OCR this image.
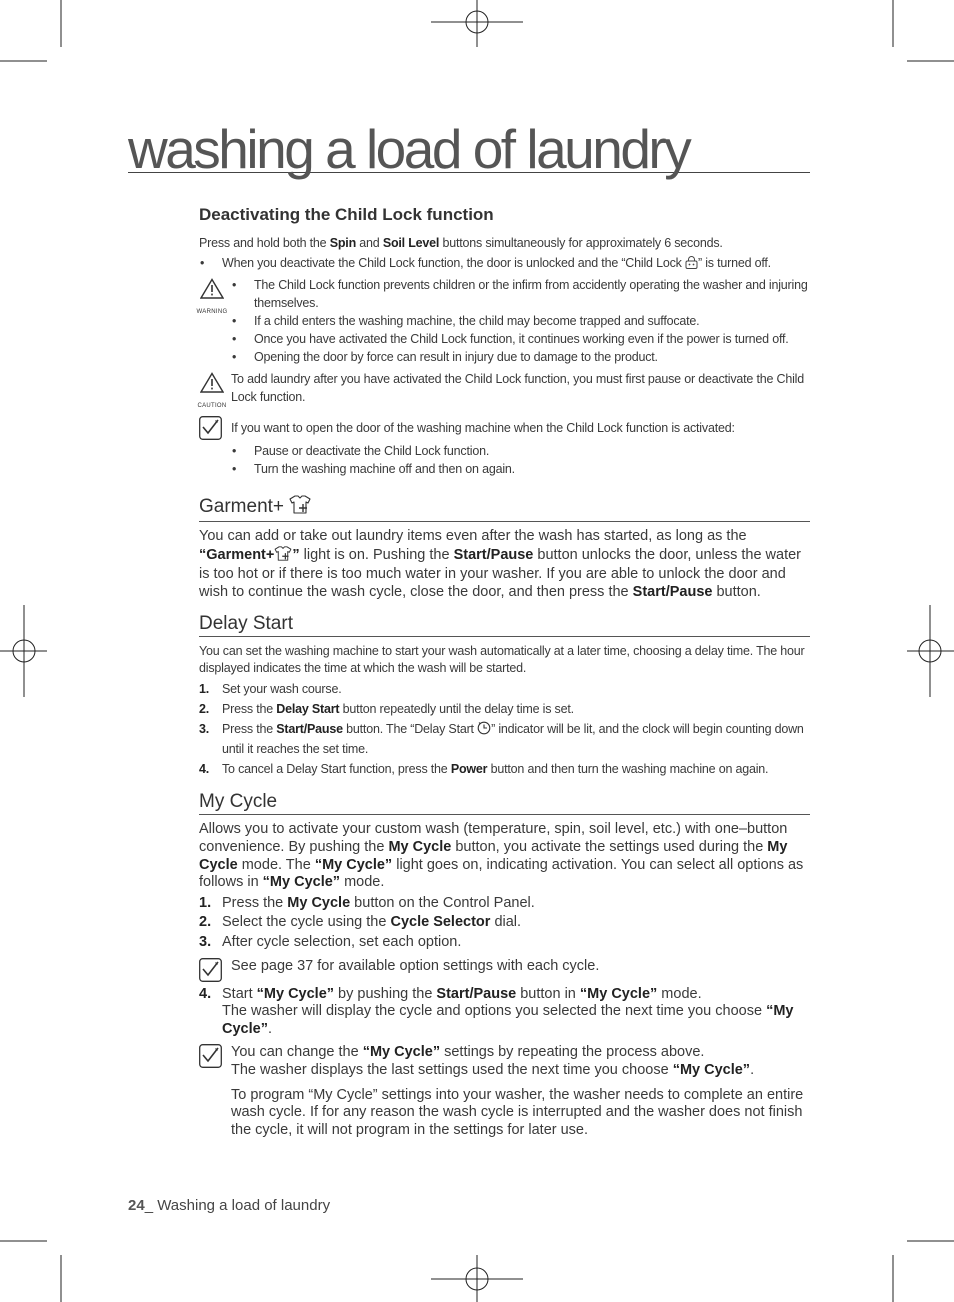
washing a load of laundry
Deactivating the Child Lock function

Press and hold both the Spin and Soil Level buttons simultaneously for approximately 6 seconds.

• When you deactivate the Child Lock function, the door is unlocked and the “Child Lock ” is turned off.
WARNING
• The Child Lock function prevents children or the infirm from accidently operating the washer and injuring themselves.
• If a child enters the washing machine, the child may become trapped and suffocate.
• Once you have activated the Child Lock function, it continues working even if the power is turned off.
• Opening the door by force can result in injury due to damage to the product.
CAUTION

To add laundry after you have activated the Child Lock function, you must first pause or deactivate the Child Lock function.

If you want to open the door of the washing machine when the Child Lock function is activated:

• Pause or deactivate the Child Lock function.
• Turn the washing machine off and then on again.
Garment+

You can add or take out laundry items even after the wash has started, as long as the “Garment+ ” light is on. Pushing the Start/Pause button unlocks the door, unless the water is too hot or if there is too much water in your washer. If you are able to unlock the door and wish to continue the wash cycle, close the door, and then press the Start/Pause button.

Delay Start

You can set the washing machine to start your wash automatically at a later time, choosing a delay time. The hour displayed indicates the time at which the wash will be started.

1. Set your wash course.
2. Press the Delay Start button repeatedly until the delay time is set.
3. Press the Start/Pause button. The “Delay Start ” indicator will be lit, and the clock will begin counting down until it reaches the set time.
4. To cancel a Delay Start function, press the Power button and then turn the washing machine on again.
My Cycle

Allows you to activate your custom wash (temperature, spin, soil level, etc.) with one–button convenience. By pushing the My Cycle button, you activate the settings used during the My Cycle mode. The “My Cycle” light goes on, indicating activation. You can select all options as follows in “My Cycle” mode.

1. Press the My Cycle button on the Control Panel.
2. Select the cycle using the Cycle Selector dial.
3. After cycle selection, set each option.

See page 37 for available option settings with each cycle.

4. Start “My Cycle” by pushing the Start/Pause button in “My Cycle” mode.
The washer will display the cycle and options you selected the next time you choose “My Cycle”.

You can change the “My Cycle” settings by repeating the process above.

The washer displays the last settings used the next time you choose “My Cycle”.

To program “My Cycle” settings into your washer, the washer needs to complete an entire wash cycle. If for any reason the wash cycle is interrupted and the washer does not finish the cycle, it will not program in the settings for later use.

24_ Washing a load of laundry
